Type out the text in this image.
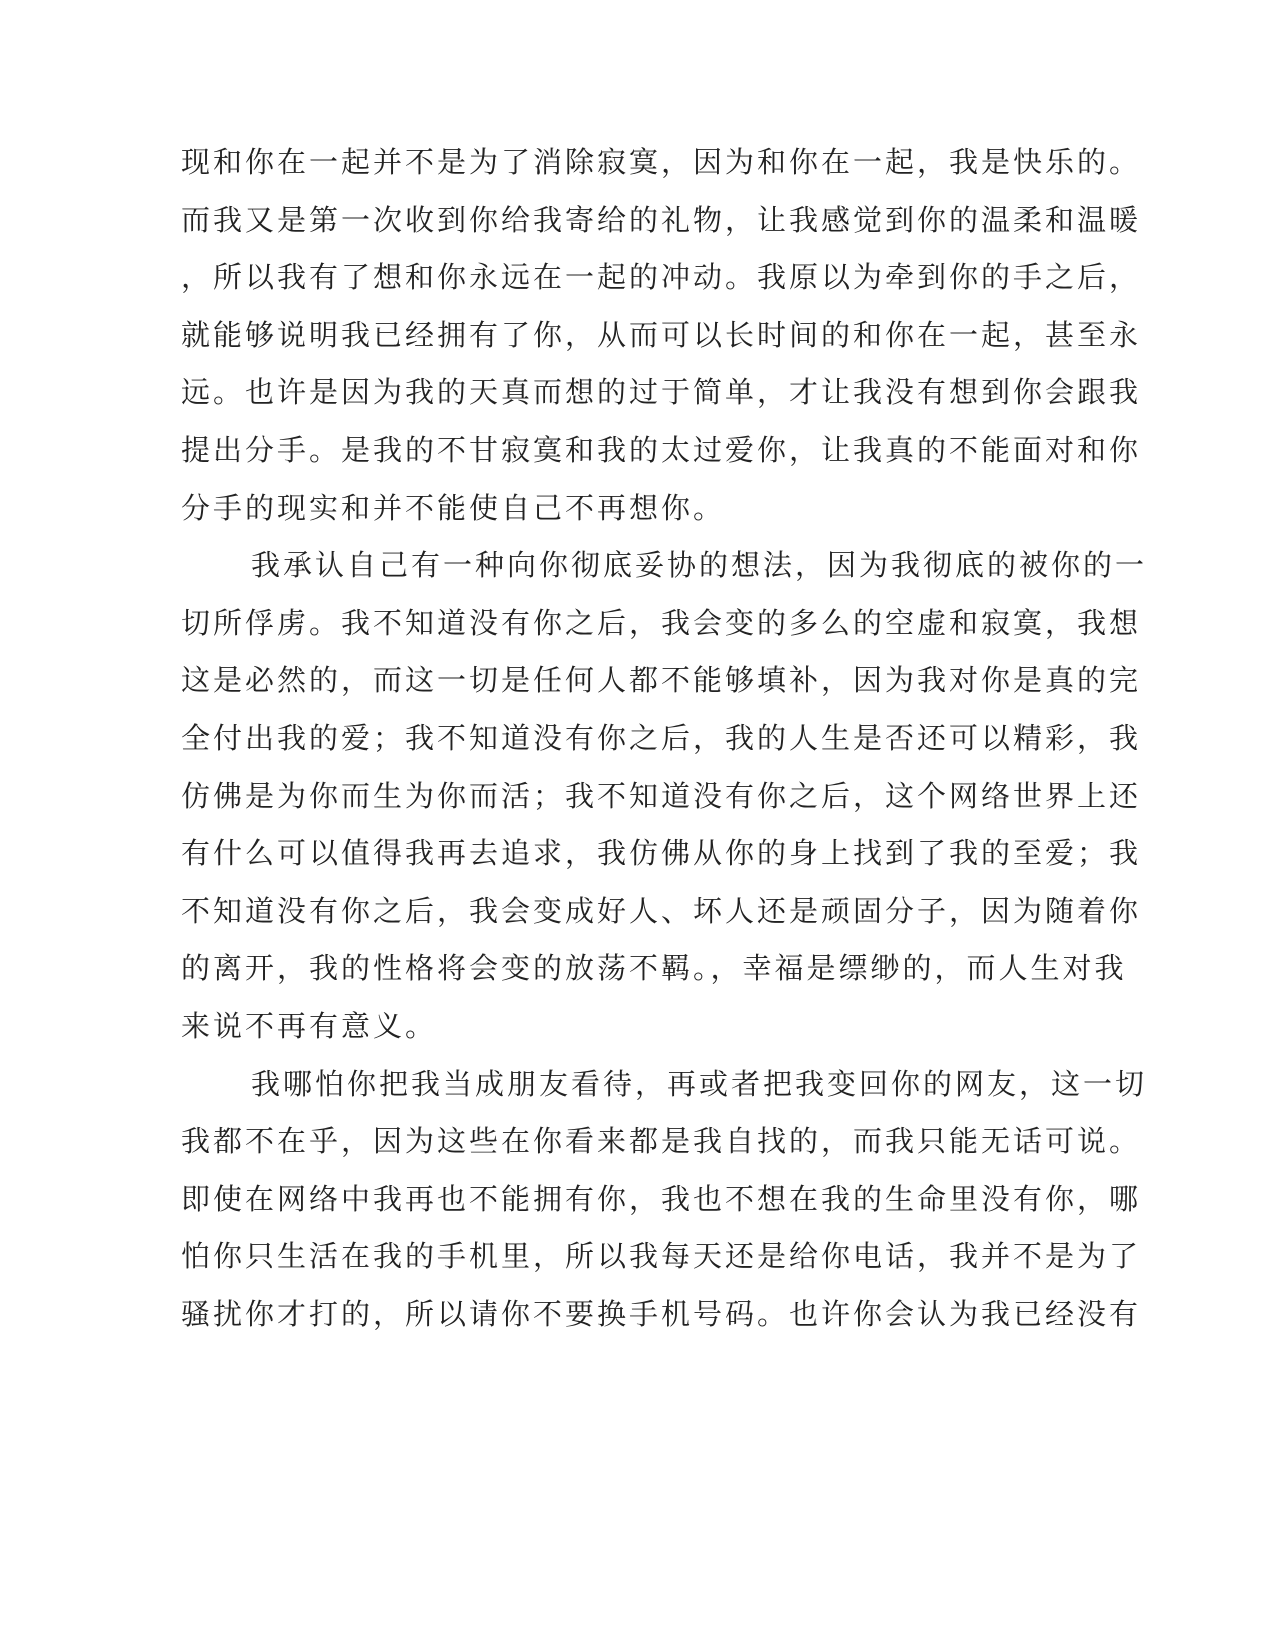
现和你在一起并不是为了消除寂寞，因为和你在一起，我是快乐的。
而我又是第一次收到你给我寄给的礼物，让我感觉到你的温柔和温暖
，所以我有了想和你永远在一起的冲动。我原以为牵到你的手之后，
就能够说明我已经拥有了你，从而可以长时间的和你在一起，甚至永
远。也许是因为我的天真而想的过于简单，才让我没有想到你会跟我
提出分手。是我的不甘寂寞和我的太过爱你，让我真的不能面对和你
分手的现实和并不能使自己不再想你。
我承认自己有一种向你彻底妥协的想法，因为我彻底的被你的一
切所俘虏。我不知道没有你之后，我会变的多么的空虚和寂寞，我想
这是必然的，而这一切是任何人都不能够填补，因为我对你是真的完
全付出我的爱；我不知道没有你之后，我的人生是否还可以精彩，我
仿佛是为你而生为你而活；我不知道没有你之后，这个网络世界上还
有什么可以值得我再去追求，我仿佛从你的身上找到了我的至爱；我
不知道没有你之后，我会变成好人、坏人还是顽固分子，因为随着你
的离开，我的性格将会变的放荡不羁。，幸福是缥缈的，而人生对我
来说不再有意义。
我哪怕你把我当成朋友看待，再或者把我变回你的网友，这一切
我都不在乎，因为这些在你看来都是我自找的，而我只能无话可说。
即使在网络中我再也不能拥有你，我也不想在我的生命里没有你，哪
怕你只生活在我的手机里，所以我每天还是给你电话，我并不是为了
骚扰你才打的，所以请你不要换手机号码。也许你会认为我已经没有
